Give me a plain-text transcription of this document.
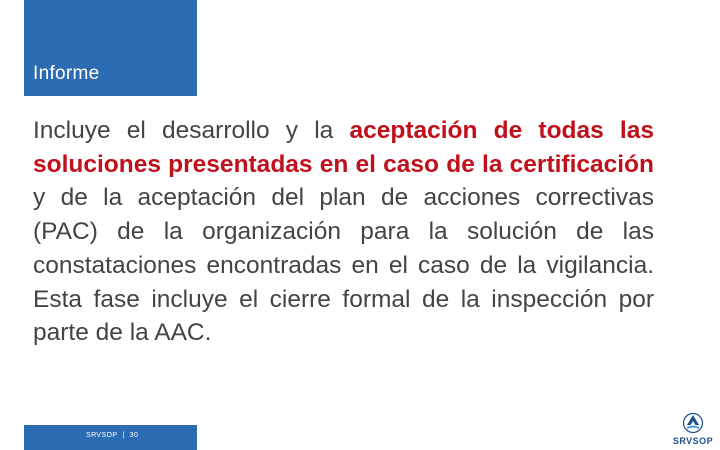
Informe

Incluye el desarrollo y la aceptación de todas las soluciones presentadas en el caso de la certificación y de la aceptación del plan de acciones correctivas (PAC) de la organización para la solución de las constataciones encontradas en el caso de la vigilancia. Esta fase incluye el cierre formal de la inspección por parte de la AAC.

SRVSOP | 30
SRVSOP
